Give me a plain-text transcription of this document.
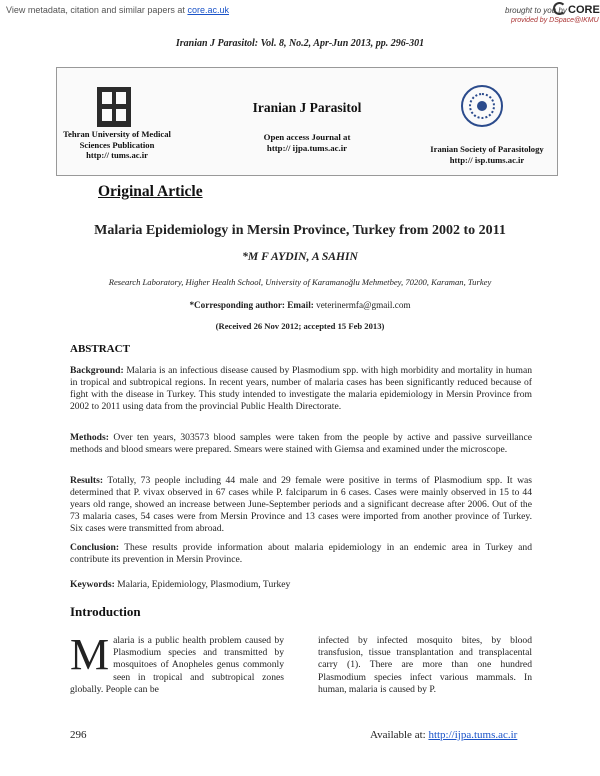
View metadata, citation and similar papers at core.ac.uk	brought to you by CORE
provided by DSpace@IKMU
Iranian J Parasitol: Vol. 8, No.2, Apr-Jun 2013, pp. 296-301
Tehran University of Medical
Sciences Publication
http:// tums.ac.ir
Iranian J Parasitol
Open access Journal at
http:// ijpa.tums.ac.ir	Iranian Society of Parasitology
http:// isp.tums.ac.ir
Original Article
Malaria Epidemiology in Mersin Province, Turkey from 2002 to 2011
*M F AYDIN, A SAHIN
Research Laboratory, Higher Health School, University of Karamanoğlu Mehmetbey, 70200, Karaman, Turkey
*Corresponding author: Email: veterinermfa@gmail.com
(Received 26 Nov 2012; accepted 15 Feb 2013)
ABSTRACT
Background: Malaria is an infectious disease caused by Plasmodium spp. with high morbidity and mortality in human in tropical and subtropical regions. In recent years, number of malaria cases has been significantly reduced because of fight with the disease in Turkey. This study intended to investigate the malaria epidemiology in Mersin Province from 2002 to 2011 using data from the provincial Public Health Directorate.
Methods: Over ten years, 303573 blood samples were taken from the people by active and passive surveillance methods and blood smears were prepared. Smears were stained with Giemsa and examined under the microscope.
Results: Totally, 73 people including 44 male and 29 female were positive in terms of Plasmodium spp. It was determined that P. vivax observed in 67 cases while P. falciparum in 6 cases. Cases were mainly observed in 15 to 44 years old range, showed an increase between June-September periods and a significant decrease after 2006. Out of the 73 malaria cases, 54 cases were from Mersin Province and 13 cases were imported from another province of Turkey. Six cases were transmitted from abroad.
Conclusion: These results provide information about malaria epidemiology in an endemic area in Turkey and contribute its prevention in Mersin Province.
Keywords: Malaria, Epidemiology, Plasmodium, Turkey
Introduction
Malaria is a public health problem caused by Plasmodium species and transmitted by mosquitoes of Anopheles genus commonly seen in tropical and subtropical zones globally. People can be
infected by infected mosquito bites, by blood transfusion, tissue transplantation and transplacental carry (1). There are more than one hundred Plasmodium species infect various mammals. In human, malaria is caused by P.
296	Available at: http://ijpa.tums.ac.ir
